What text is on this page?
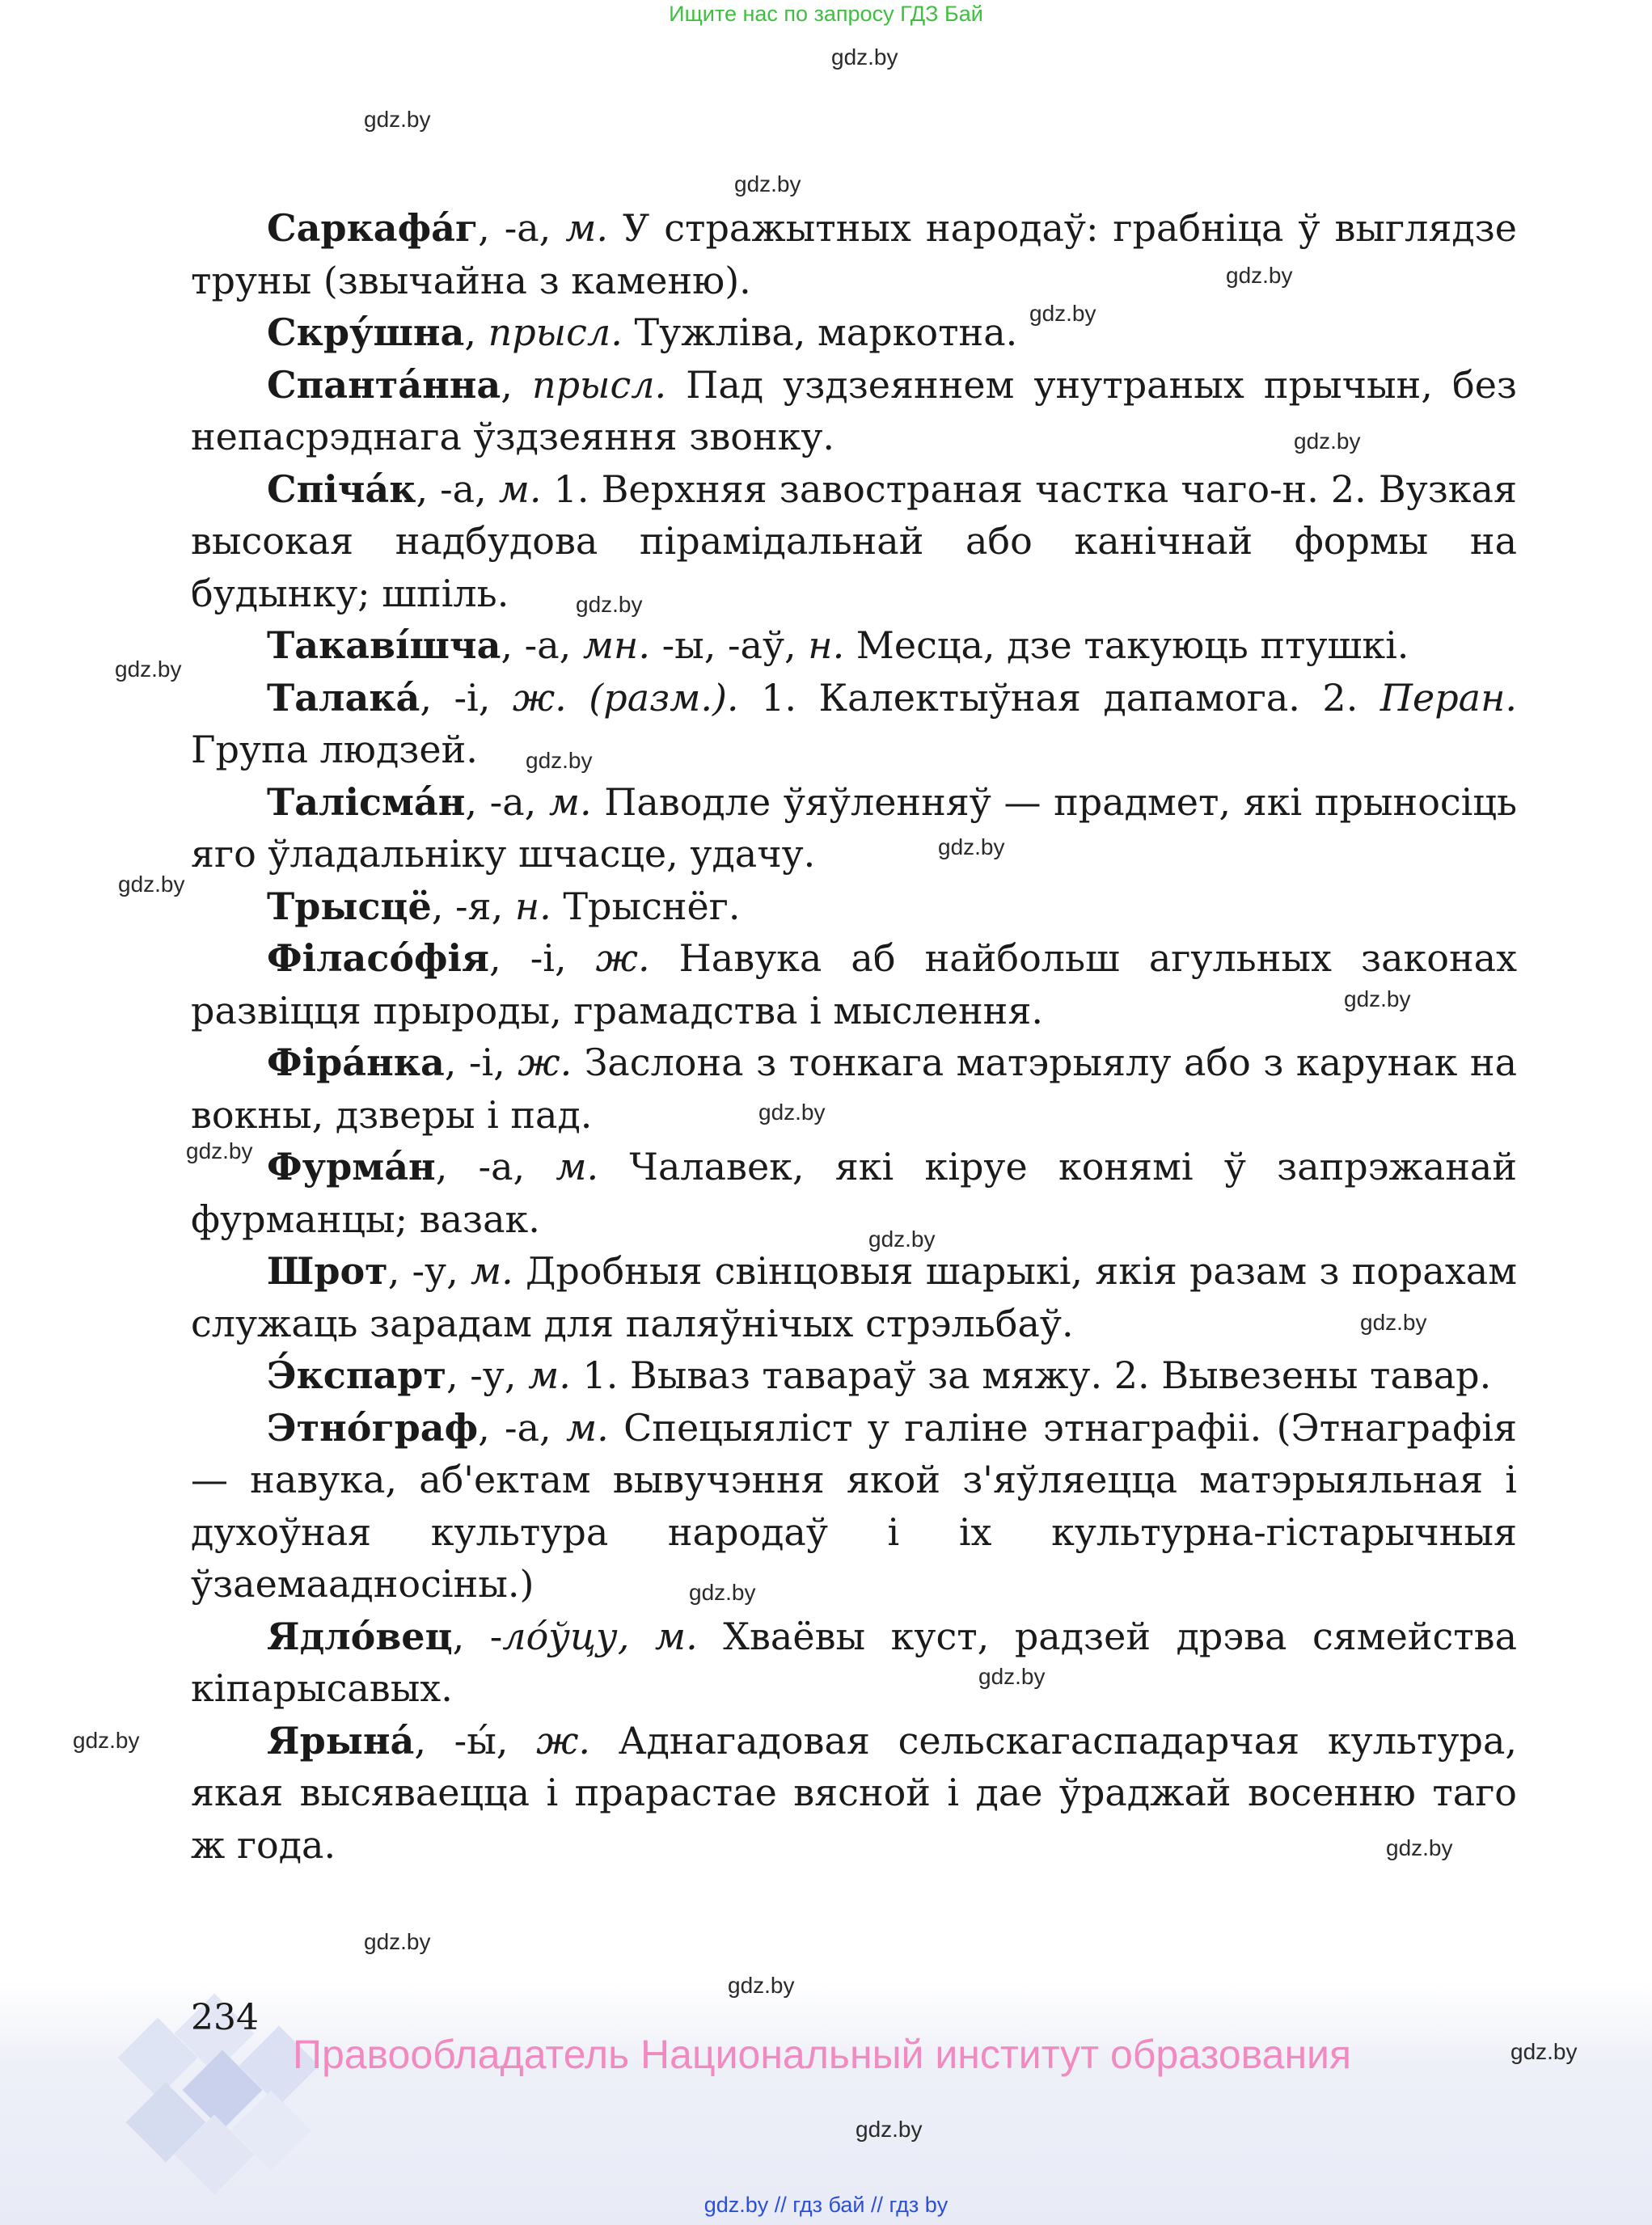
Ищите нас по запросу ГДЗ Бай
gdz.by
gdz.by
gdz.by
gdz.by
gdz.by
gdz.by
gdz.by
gdz.by
gdz.by
gdz.by
gdz.by
gdz.by
gdz.by
gdz.by
gdz.by
gdz.by
gdz.by
gdz.by
gdz.by
gdz.by
gdz.by

Саркафа́г, -а, м. У стражытных народаў: грабніца ў выглядзе труны (звычайна з каменю).

Скру́шна, прысл. Тужліва, маркотна.

Спанта́нна, прысл. Пад уздзеяннем унутраных прычын, без непасрэднага ўздзеяння звонку.

Спіча́к, -а, м. 1. Верхняя завостраная частка чаго-н. 2. Вузкая высокая надбудова пірамідальнай або канічнай формы на будынку; шпіль.

Такаві́шча, -а, мн. -ы, -аў, н. Месца, дзе такуюць птушкі.

Талака́, -і, ж. (разм.). 1. Калектыўная дапамога. 2. Перан. Група людзей.

Талісма́н, -а, м. Паводле ўяўленняў — прадмет, які прыносіць яго ўладальніку шчасце, удачу.

Трысцё, -я, н. Трыснёг.

Філасо́фія, -і, ж. Навука аб найбольш агульных законах развіцця прыроды, грамадства і мыслення.

Фіра́нка, -і, ж. Заслона з тонкага матэрыялу або з карунак на вокны, дзверы і пад.

Фурма́н, -а, м. Чалавек, які кіруе конямі ў запрэжанай фурманцы; вазак.

Шрот, -у, м. Дробныя свінцовыя шарыкі, якія разам з порахам служаць зарадам для паляўнічых стрэльбаў.

Э́кспарт, -у, м. 1. Вываз тавараў за мяжу. 2. Вывезены тавар.

Этно́граф, -а, м. Спецыяліст у галіне этнаграфіі. (Этнаграфія — навука, аб'ектам вывучэння якой з'яўляецца матэрыяльная і духоўная культура народаў і іх культурна-гістарычныя ўзаемаадносіны.)

Ядло́вец, -ло́ўцу, м. Хваёвы куст, радзей дрэва сямейства кіпарысавых.

Ярына́, -ы́, ж. Аднагадовая сельскагаспадарчая культура, якая высяваецца і прарастае вясной і дае ўраджай восенню таго ж года.

234
Правообладатель Национальный институт образования
gdz.by
gdz.by
gdz.by
gdz.by // гдз бай // гдз by
